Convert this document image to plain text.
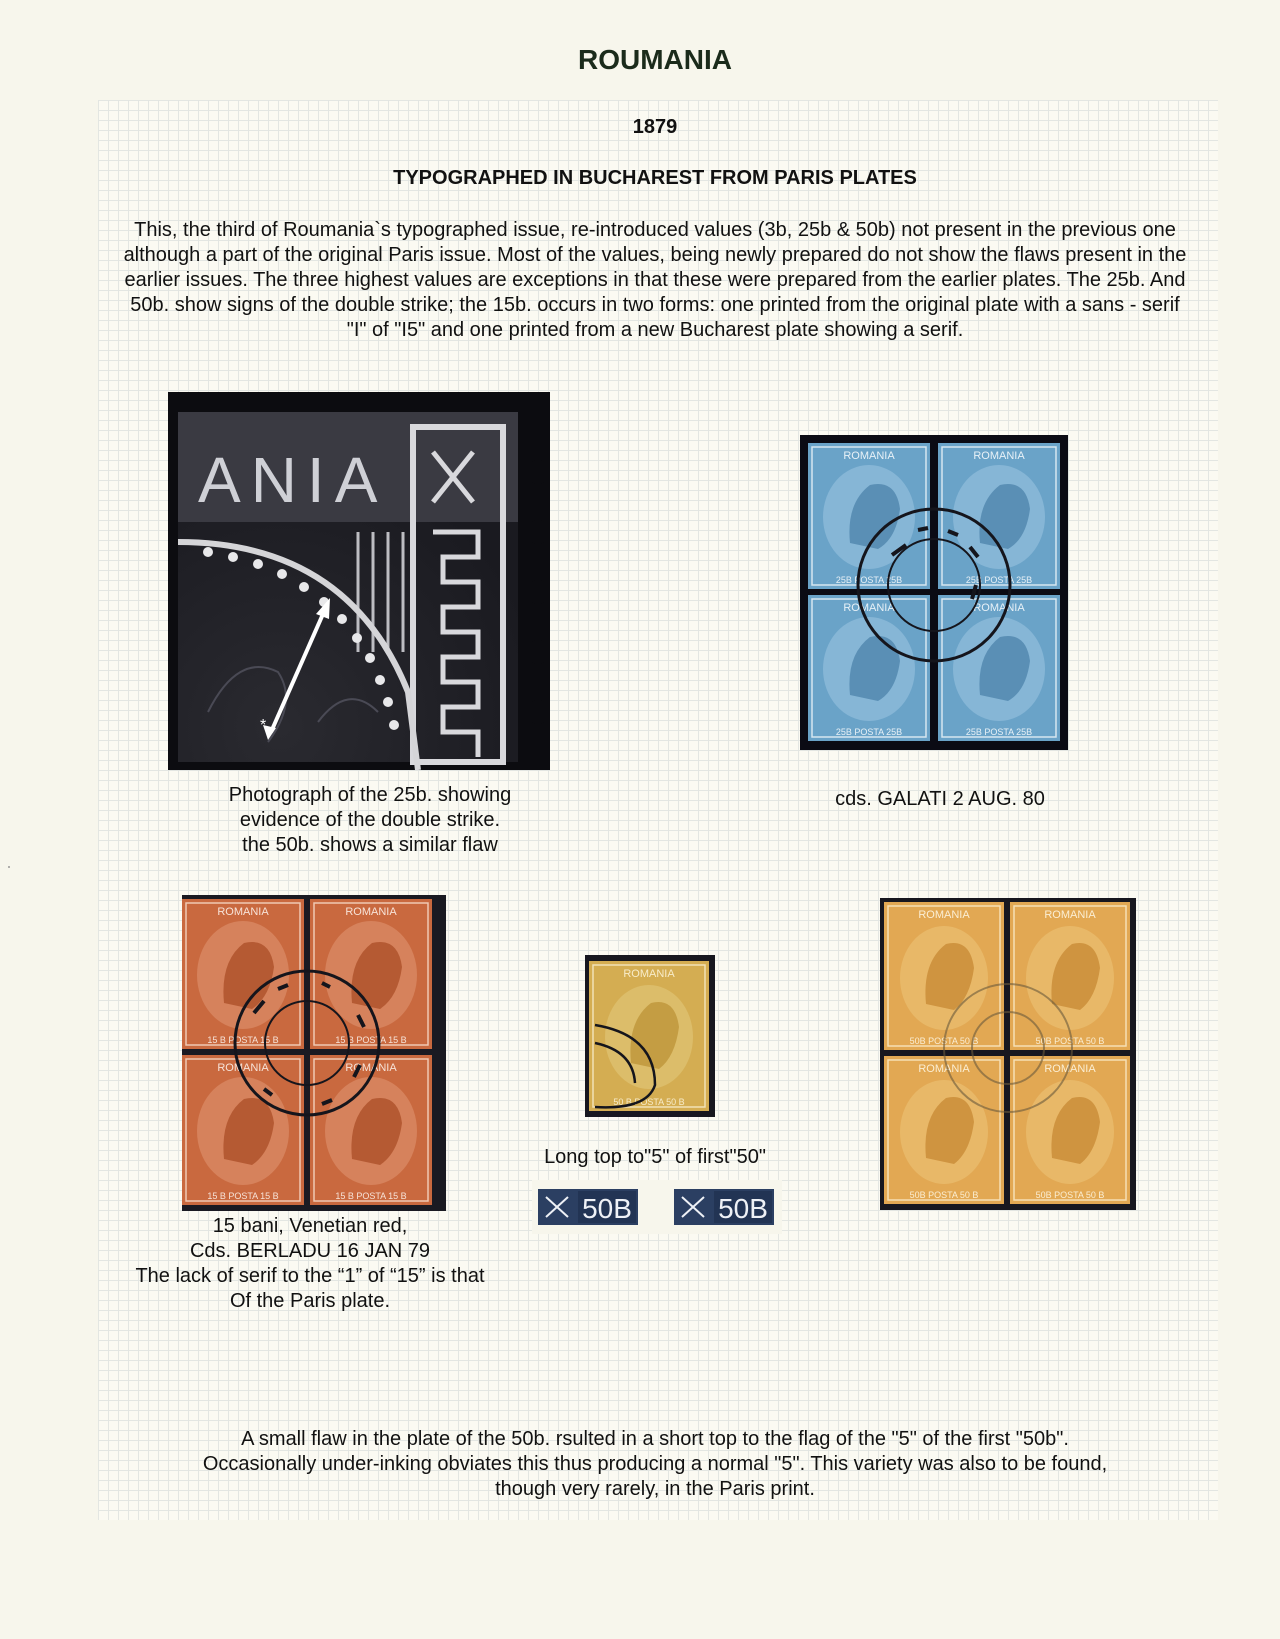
ROUMANIA
1879
TYPOGRAPHED IN BUCHAREST FROM PARIS PLATES
This, the third of Roumania`s typographed issue, re-introduced values (3b, 25b & 50b) not present in the previous one although a part of the original Paris issue. Most of the values, being newly prepared do not show the flaws present in the earlier issues. The three highest values are exceptions in that these were prepared from the earlier plates. The 25b. And 50b. show signs of the double strike; the 15b. occurs in two forms: one printed from the original plate with a sans - serif "I" of "I5" and one printed from a new Bucharest plate showing a serif.
ANIA
*
Photograph of the 25b. showing
evidence of the double strike.
the 50b. shows a similar flaw
ROMANIA
25B POSTA 25B
ROMANIA
25B POSTA 25B
ROMANIA
25B POSTA 25B
ROMANIA
25B POSTA 25B
cds. GALATI 2 AUG. 80
ROMANIA
15 B POSTA 15 B
ROMANIA
15 B POSTA 15 B
ROMANIA
15 B POSTA 15 B
ROMANIA
15 B POSTA 15 B
15 bani, Venetian red,
Cds. BERLADU 16 JAN 79
The lack of serif to the “1” of “15” is that
Of the Paris plate.
ROMANIA
50 B POSTA 50 B
Long top to"5" of first"50"
50B	50B
ROMANIA
50B POSTA 50 B
ROMANIA
50B POSTA 50 B
ROMANIA
50B POSTA 50 B
ROMANIA
50B POSTA 50 B
A small flaw in the plate of the 50b. rsulted in a short top to the flag of the "5" of the first "50b".
Occasionally under-inking obviates this thus producing a normal "5". This variety was also to be found,
though very rarely, in the Paris print.
